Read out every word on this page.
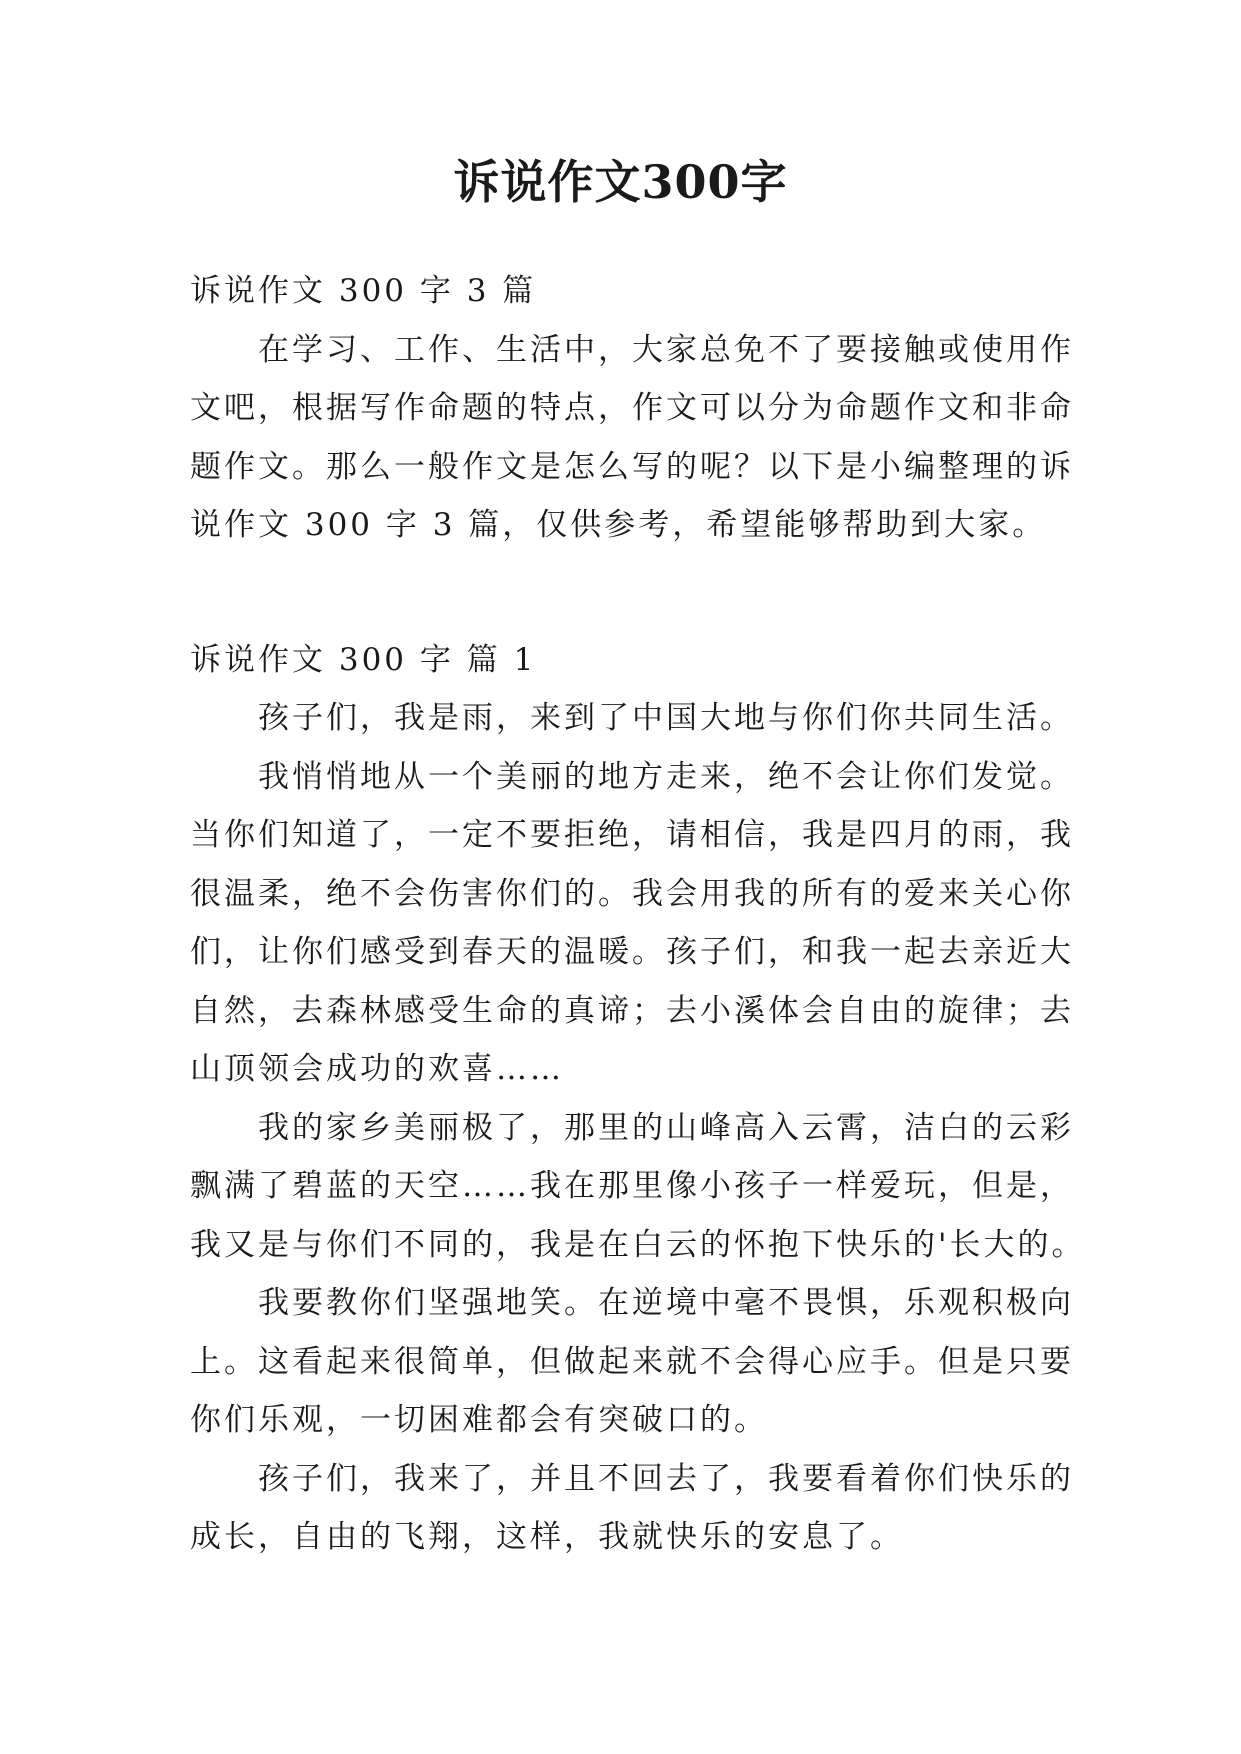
诉说作文300字

诉说作文 300 字 3 篇

在学习、工作、生活中，大家总免不了要接触或使用作

文吧，根据写作命题的特点，作文可以分为命题作文和非命

题作文。那么一般作文是怎么写的呢？以下是小编整理的诉

说作文 300 字 3 篇，仅供参考，希望能够帮助到大家。

诉说作文 300 字 篇 1

孩子们，我是雨，来到了中国大地与你们你共同生活。

我悄悄地从一个美丽的地方走来，绝不会让你们发觉。

当你们知道了，一定不要拒绝，请相信，我是四月的雨，我

很温柔，绝不会伤害你们的。我会用我的所有的爱来关心你

们，让你们感受到春天的温暖。孩子们，和我一起去亲近大

自然，去森林感受生命的真谛；去小溪体会自由的旋律；去

山顶领会成功的欢喜……

我的家乡美丽极了，那里的山峰高入云霄，洁白的云彩

飘满了碧蓝的天空……我在那里像小孩子一样爱玩，但是，

我又是与你们不同的，我是在白云的怀抱下快乐的'长大的。

我要教你们坚强地笑。在逆境中毫不畏惧，乐观积极向

上。这看起来很简单，但做起来就不会得心应手。但是只要

你们乐观，一切困难都会有突破口的。

孩子们，我来了，并且不回去了，我要看着你们快乐的

成长，自由的飞翔，这样，我就快乐的安息了。
